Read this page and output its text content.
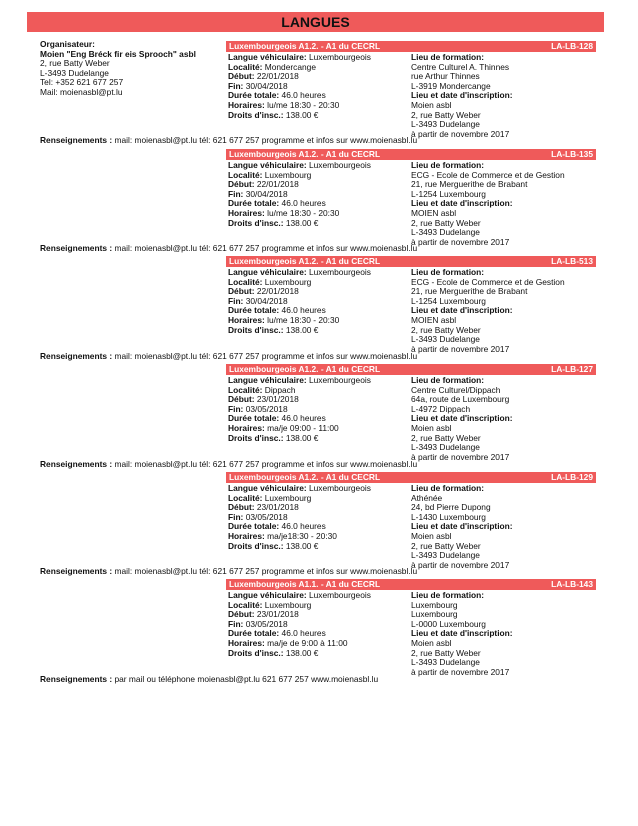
LANGUES
Organisateur:
Moien "Eng Bréck fir eis Sprooch" asbl
2, rue Batty Weber
L-3493 Dudelange
Tel: +352 621 677 257
Mail: moienasbl@pt.lu
Luxembourgeois A1.2. - A1 du CECRL	LA-LB-128
Langue véhiculaire: Luxembourgeois
Localité: Mondercange
Début: 22/01/2018
Fin: 30/04/2018
Durée totale: 46.0 heures
Horaires: lu/me 18:30 - 20:30
Droits d'insc.: 138.00 €
Lieu de formation:
Centre Culturel A. Thinnes
rue Arthur Thinnes
L-3919 Mondercange
Lieu et date d'inscription:
Moien asbl
2, rue Batty Weber
L-3493 Dudelange
à partir de novembre 2017
Renseignements : mail: moienasbl@pt.lu tél: 621 677 257 programme et infos sur www.moienasbl.lu
Luxembourgeois A1.2. - A1 du CECRL	LA-LB-135
Langue véhiculaire: Luxembourgeois
Localité: Luxembourg
Début: 22/01/2018
Fin: 30/04/2018
Durée totale: 46.0 heures
Horaires: lu/me 18:30 - 20:30
Droits d'insc.: 138.00 €
Lieu de formation:
ECG - Ecole de Commerce et de Gestion
21, rue Merguerithe de Brabant
L-1254 Luxembourg
Lieu et date d'inscription:
MOIEN asbl
2, rue Batty Weber
L-3493 Dudelange
à partir de novembre 2017
Renseignements : mail: moienasbl@pt.lu tél: 621 677 257 programme et infos sur www.moienasbl.lu
Luxembourgeois A1.2. - A1 du CECRL	LA-LB-513
Langue véhiculaire: Luxembourgeois
Localité: Luxembourg
Début: 22/01/2018
Fin: 30/04/2018
Durée totale: 46.0 heures
Horaires: lu/me 18:30 - 20:30
Droits d'insc.: 138.00 €
Lieu de formation:
ECG - Ecole de Commerce et de Gestion
21, rue Merguerithe de Brabant
L-1254 Luxembourg
Lieu et date d'inscription:
MOIEN asbl
2, rue Batty Weber
L-3493 Dudelange
à partir de novembre 2017
Renseignements : mail: moienasbl@pt.lu tél: 621 677 257 programme et infos sur www.moienasbl.lu
Luxembourgeois A1.2. - A1 du CECRL	LA-LB-127
Langue véhiculaire: Luxembourgeois
Localité: Dippach
Début: 23/01/2018
Fin: 03/05/2018
Durée totale: 46.0 heures
Horaires: ma/je 09:00 - 11:00
Droits d'insc.: 138.00 €
Lieu de formation:
Centre Culturel/Dippach
64a, route de Luxembourg
L-4972 Dippach
Lieu et date d'inscription:
Moien asbl
2, rue Batty Weber
L-3493 Dudelange
à partir de novembre 2017
Renseignements : mail: moienasbl@pt.lu tél: 621 677 257 programme et infos sur www.moienasbl.lu
Luxembourgeois A1.2. - A1 du CECRL	LA-LB-129
Langue véhiculaire: Luxembourgeois
Localité: Luxembourg
Début: 23/01/2018
Fin: 03/05/2018
Durée totale: 46.0 heures
Horaires: ma/je18:30 - 20:30
Droits d'insc.: 138.00 €
Lieu de formation:
Athénée
24, bd Pierre Dupong
L-1430 Luxembourg
Lieu et date d'inscription:
Moien asbl
2, rue Batty Weber
L-3493 Dudelange
à partir de novembre 2017
Renseignements : mail: moienasbl@pt.lu tél: 621 677 257 programme et infos sur www.moienasbl.lu
Luxembourgeois A1.1. - A1 du CECRL	LA-LB-143
Langue véhiculaire: Luxembourgeois
Localité: Luxembourg
Début: 23/01/2018
Fin: 03/05/2018
Durée totale: 46.0 heures
Horaires: ma/je de 9:00 à 11:00
Droits d'insc.: 138.00 €
Lieu de formation:
Luxembourg
Luxembourg
L-0000 Luxembourg
Lieu et date d'inscription:
Moien asbl
2, rue Batty Weber
L-3493 Dudelange
à partir de novembre 2017
Renseignements : par mail ou téléphone moienasbl@pt.lu 621 677 257 www.moienasbl.lu
